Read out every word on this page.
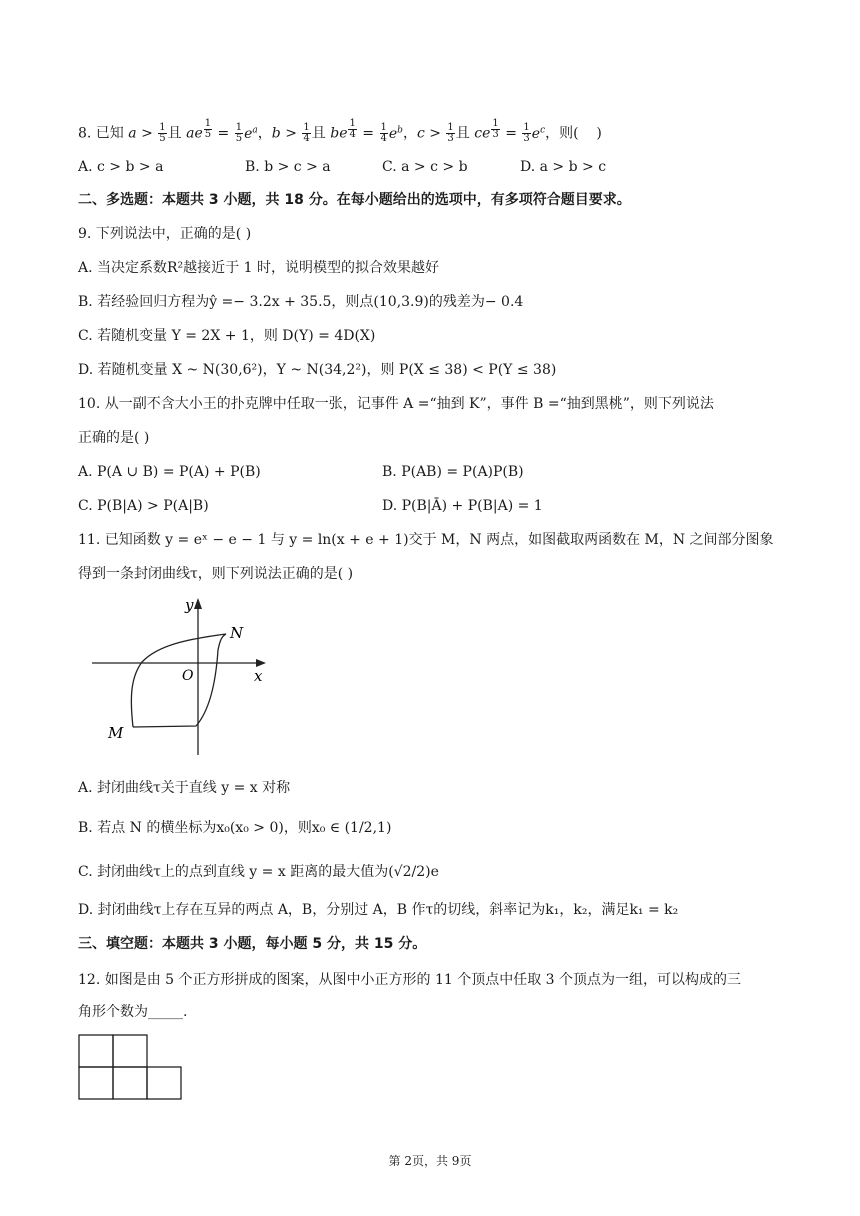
8. 已知 $a > \frac{1}{5}$ 且 ae $^{\frac{1}{5}} = \frac{1}{5} e^a$，$b > \frac{1}{4}$ 且 be $^{\frac{1}{4}} = \frac{1}{4} e^b$，$c > \frac{1}{3}$ 且 ce $^{\frac{1}{3}} = \frac{1}{3} e^c$，则(    )
A. c > b > a	B. b > c > a	C. a > c > b	D. a > b > c
二、多选题：本题共 3 小题，共 18 分。在每小题给出的选项中，有多项符合题目要求。
9. 下列说法中，正确的是( )
A. 当决定系数R²越接近于 1 时，说明模型的拟合效果越好
B. 若经验回归方程为ŷ =− 3.2x + 35.5，则点(10,3.9)的残差为− 0.4
C. 若随机变量 Y = 2X + 1，则 D(Y) = 4D(X)
D. 若随机变量 X ~ N(30,6²)，Y ~ N(34,2²)，则 P(X ≤ 38) < P(Y ≤ 38)
10. 从一副不含大小王的扑克牌中任取一张，记事件 A =“抽到 K”，事件 B =“抽到黑桃”，则下列说法
正确的是( )
A. P(A ∪ B) = P(A) + P(B)	B. P(AB) = P(A)P(B)
C. P(B|A) > P(A|B)	D. P(B|Ā) + P(B|A) = 1
11. 已知函数 y = eˣ − e − 1 与 y = ln(x + e + 1)交于 M，N 两点，如图截取两函数在 M，N 之间部分图象
得到一条封闭曲线τ，则下列说法正确的是( )
y
x
O
N
M
A. 封闭曲线τ关于直线 y = x 对称
B. 若点 N 的横坐标为x₀(x₀ > 0)，则x₀ ∈ (1/2,1)
C. 封闭曲线τ上的点到直线 y = x 距离的最大值为(√2/2)e
D. 封闭曲线τ上存在互异的两点 A，B，分别过 A，B 作τ的切线，斜率记为k₁，k₂，满足k₁ = k₂
三、填空题：本题共 3 小题，每小题 5 分，共 15 分。
12. 如图是由 5 个正方形拼成的图案，从图中小正方形的 11 个顶点中任取 3 个顶点为一组，可以构成的三
角形个数为_____.
第 2页，共 9页
